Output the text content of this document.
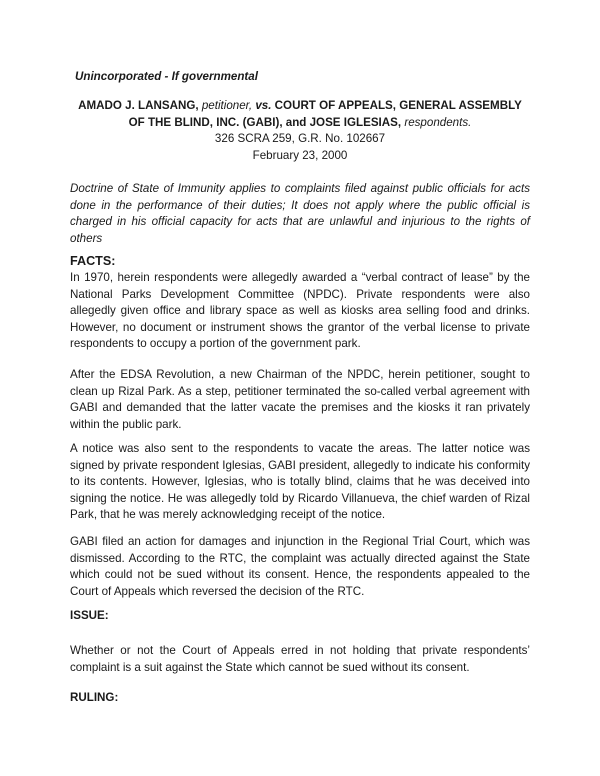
Unincorporated - If governmental
AMADO J. LANSANG, petitioner, vs. COURT OF APPEALS, GENERAL ASSEMBLY
OF THE BLIND, INC. (GABI), and JOSE IGLESIAS, respondents.
326 SCRA 259, G.R. No. 102667
February 23, 2000
Doctrine of State of Immunity applies to complaints filed against public officials for acts done in the performance of their duties; It does not apply where the public official is charged in his official capacity for acts that are unlawful and injurious to the rights of others
FACTS:

In 1970, herein respondents were allegedly awarded a “verbal contract of lease” by the National Parks Development Committee (NPDC). Private respondents were also allegedly given office and library space as well as kiosks area selling food and drinks. However, no document or instrument shows the grantor of the verbal license to private respondents to occupy a portion of the government park.

After the EDSA Revolution, a new Chairman of the NPDC, herein petitioner, sought to clean up Rizal Park. As a step, petitioner terminated the so-called verbal agreement with GABI and demanded that the latter vacate the premises and the kiosks it ran privately within the public park.

A notice was also sent to the respondents to vacate the areas. The latter notice was signed by private respondent Iglesias, GABI president, allegedly to indicate his conformity to its contents. However, Iglesias, who is totally blind, claims that he was deceived into signing the notice. He was allegedly told by Ricardo Villanueva, the chief warden of Rizal Park, that he was merely acknowledging receipt of the notice.

GABI filed an action for damages and injunction in the Regional Trial Court, which was dismissed. According to the RTC, the complaint was actually directed against the State which could not be sued without its consent. Hence, the respondents appealed to the Court of Appeals which reversed the decision of the RTC.

ISSUE:

Whether or not the Court of Appeals erred in not holding that private respondents’ complaint is a suit against the State which cannot be sued without its consent.

RULING:
